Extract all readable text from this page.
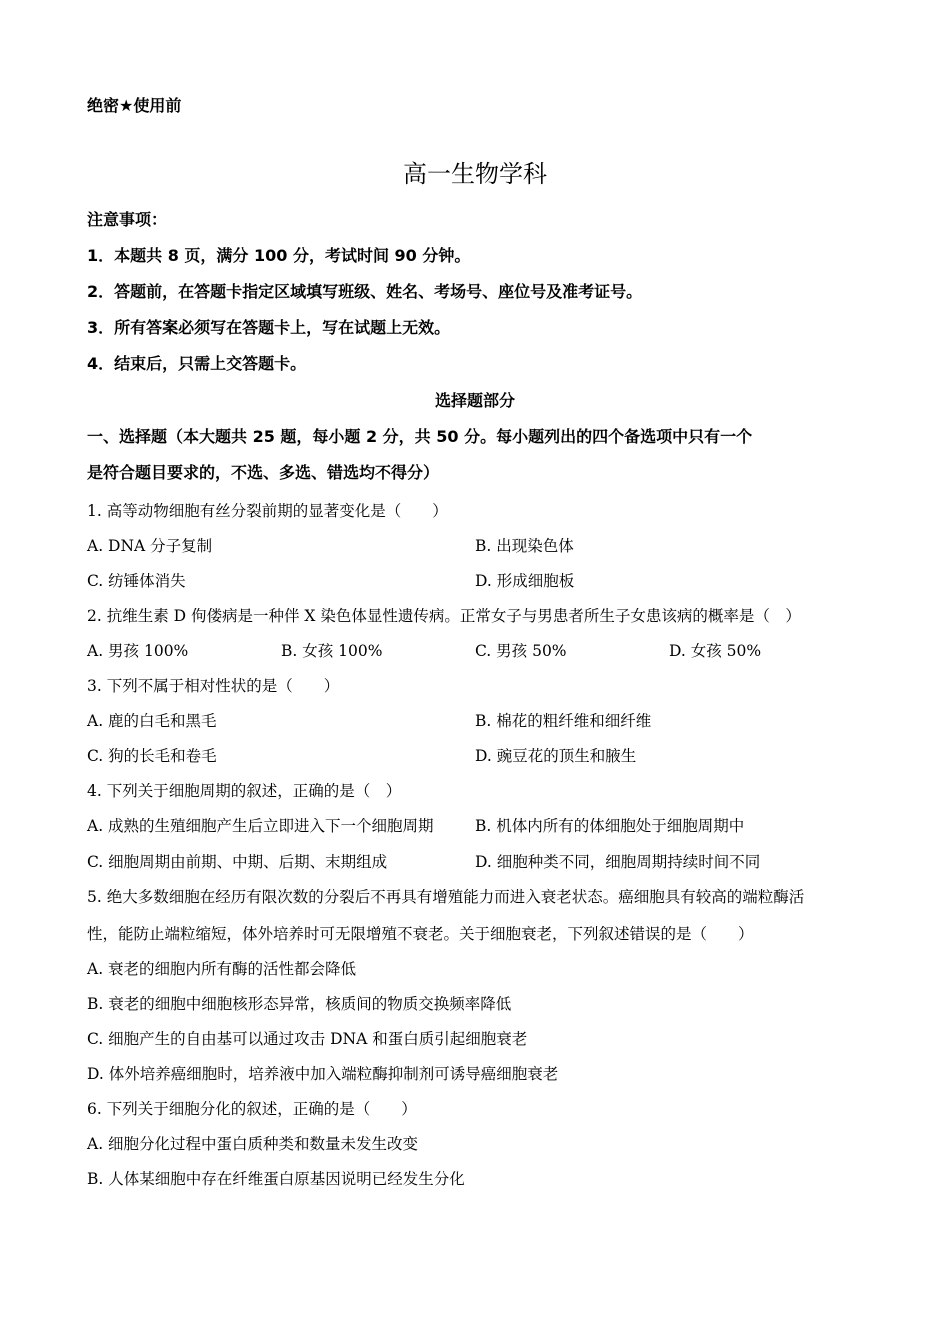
绝密★使用前
高一生物学科
注意事项：
1．本题共 8 页，满分 100 分，考试时间 90 分钟。
2．答题前，在答题卡指定区域填写班级、姓名、考场号、座位号及准考证号。
3．所有答案必须写在答题卡上，写在试题上无效。
4．结束后，只需上交答题卡。
选择题部分
一、选择题（本大题共 25 题，每小题 2 分，共 50 分。每小题列出的四个备选项中只有一个
是符合题目要求的，不选、多选、错选均不得分）
1. 高等动物细胞有丝分裂前期的显著变化是（　　）
A. DNA 分子复制	B. 出现染色体
C. 纺锤体消失	D. 形成细胞板
2. 抗维生素 D 佝偻病是一种伴 X 染色体显性遗传病。正常女子与男患者所生子女患该病的概率是（　）
A. 男孩 100%	B. 女孩 100%	C. 男孩 50%	D. 女孩 50%
3. 下列不属于相对性状的是（　　）
A. 鹿的白毛和黑毛	B. 棉花的粗纤维和细纤维
C. 狗的长毛和卷毛	D. 豌豆花的顶生和腋生
4. 下列关于细胞周期的叙述，正确的是（　）
A. 成熟的生殖细胞产生后立即进入下一个细胞周期	B. 机体内所有的体细胞处于细胞周期中
C. 细胞周期由前期、中期、后期、末期组成	D. 细胞种类不同，细胞周期持续时间不同
5. 绝大多数细胞在经历有限次数的分裂后不再具有增殖能力而进入衰老状态。癌细胞具有较高的端粒酶活
性，能防止端粒缩短，体外培养时可无限增殖不衰老。关于细胞衰老，下列叙述错误的是（　　）
A. 衰老的细胞内所有酶的活性都会降低
B. 衰老的细胞中细胞核形态异常，核质间的物质交换频率降低
C. 细胞产生的自由基可以通过攻击 DNA 和蛋白质引起细胞衰老
D. 体外培养癌细胞时，培养液中加入端粒酶抑制剂可诱导癌细胞衰老
6. 下列关于细胞分化的叙述，正确的是（　　）
A. 细胞分化过程中蛋白质种类和数量未发生改变
B. 人体某细胞中存在纤维蛋白原基因说明已经发生分化
